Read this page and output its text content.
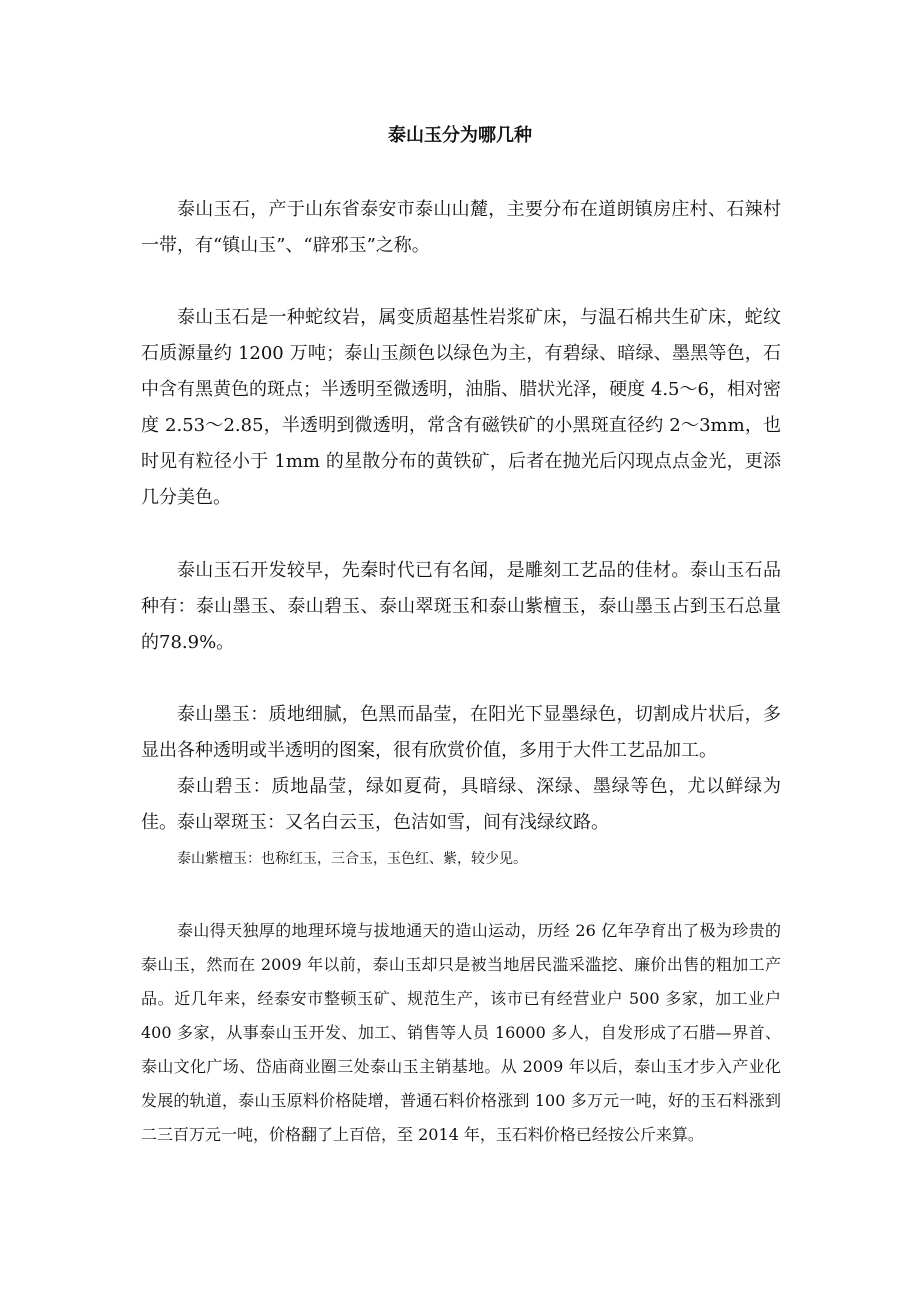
泰山玉分为哪几种

泰山玉石，产于山东省泰安市泰山山麓，主要分布在道朗镇房庄村、石辣村一带，有“镇山玉”、“辟邪玉”之称。

泰山玉石是一种蛇纹岩，属变质超基性岩浆矿床，与温石棉共生矿床，蛇纹石质源量约 1200 万吨；泰山玉颜色以绿色为主，有碧绿、暗绿、墨黑等色，石中含有黑黄色的斑点；半透明至微透明，油脂、腊状光泽，硬度 4.5～6，相对密度 2.53～2.85，半透明到微透明，常含有磁铁矿的小黑斑直径约 2～3mm，也时见有粒径小于 1mm 的星散分布的黄铁矿，后者在抛光后闪现点点金光，更添几分美色。

泰山玉石开发较早，先秦时代已有名闻，是雕刻工艺品的佳材。泰山玉石品种有：泰山墨玉、泰山碧玉、泰山翠斑玉和泰山紫檀玉，泰山墨玉占到玉石总量的78.9%。

泰山墨玉：质地细腻，色黑而晶莹，在阳光下显墨绿色，切割成片状后，多显出各种透明或半透明的图案，很有欣赏价值，多用于大件工艺品加工。

泰山碧玉：质地晶莹，绿如夏荷，具暗绿、深绿、墨绿等色，尤以鲜绿为佳。 泰山翠斑玉：又名白云玉，色洁如雪，间有浅绿纹路。

泰山紫檀玉：也称红玉，三合玉，玉色红、紫，较少见。

泰山得天独厚的地理环境与拔地通天的造山运动，历经 26 亿年孕育出了极为珍贵的泰山玉，然而在 2009 年以前，泰山玉却只是被当地居民滥采滥挖、廉价出售的粗加工产品。近几年来，经泰安市整顿玉矿、规范生产，该市已有经营业户 500 多家，加工业户 400 多家，从事泰山玉开发、加工、销售等人员 16000 多人，自发形成了石腊—界首、泰山文化广场、岱庙商业圈三处泰山玉主销基地。从 2009 年以后，泰山玉才步入产业化发展的轨道，泰山玉原料价格陡增，普通石料价格涨到 100 多万元一吨，好的玉石料涨到二三百万元一吨，价格翻了上百倍，至 2014 年，玉石料价格已经按公斤来算。
